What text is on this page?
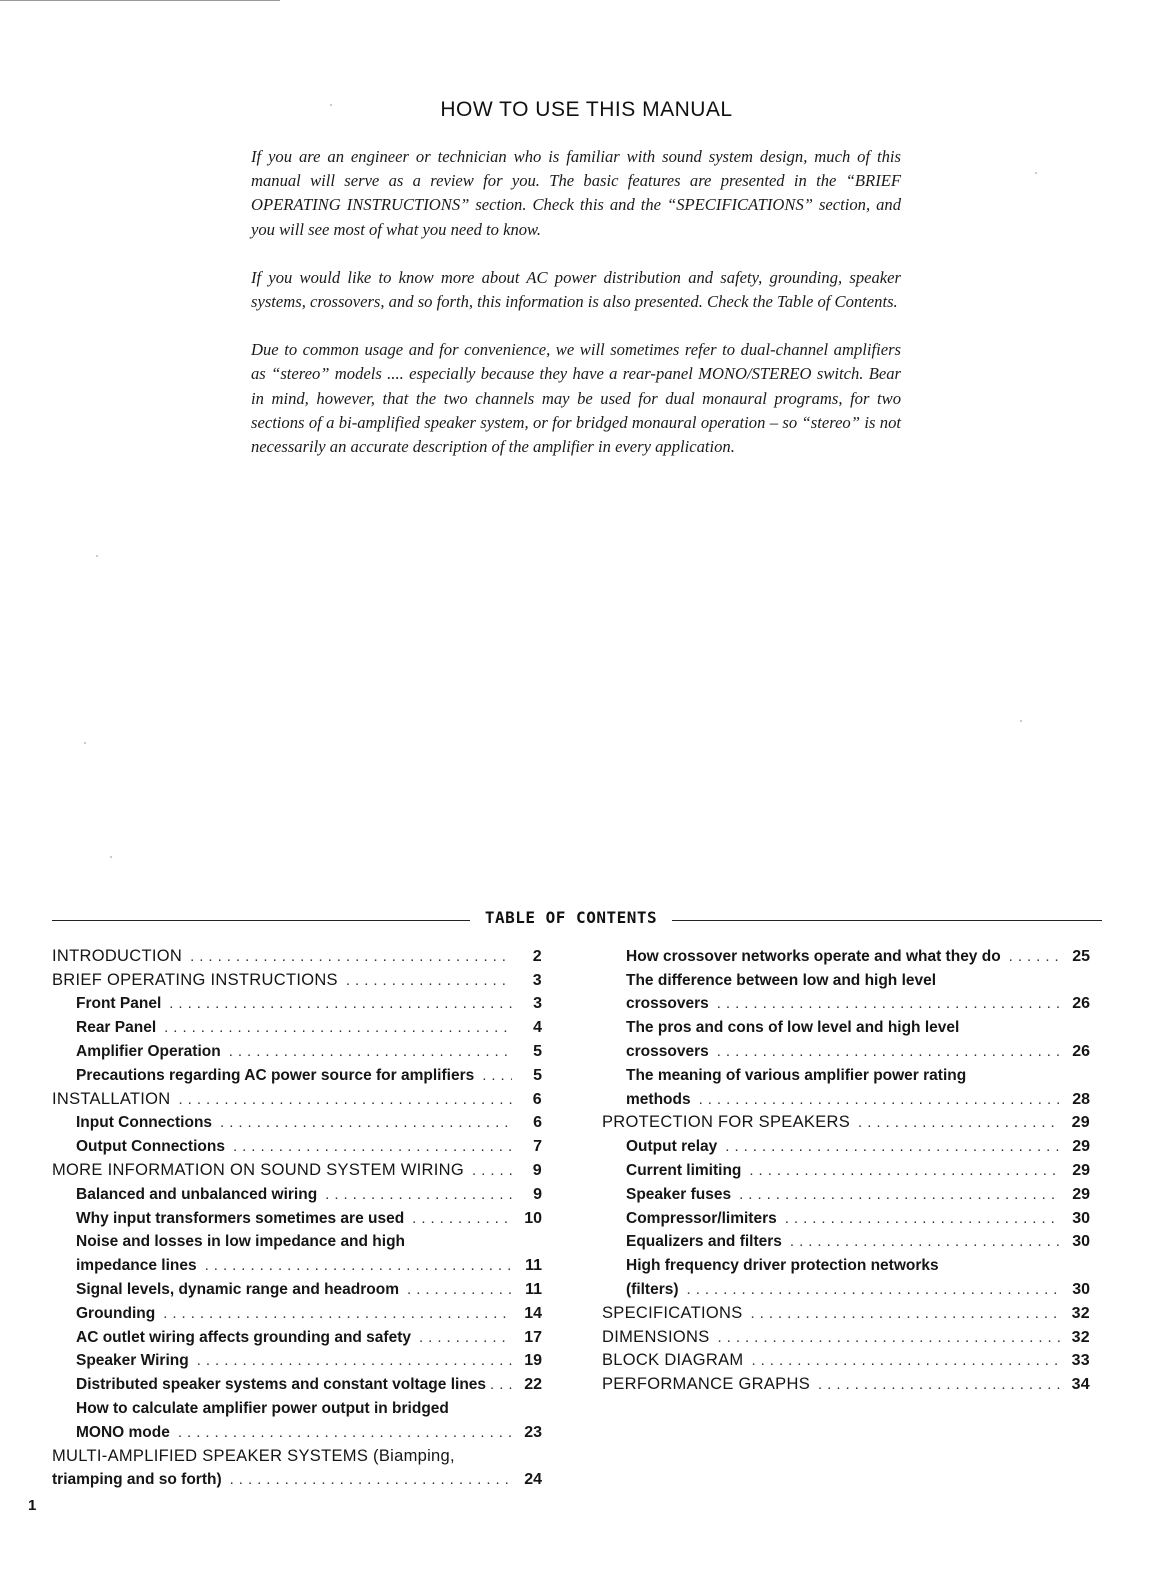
HOW TO USE THIS MANUAL

If you are an engineer or technician who is familiar with sound system design, much of this manual will serve as a review for you. The basic features are presented in the “BRIEF OPERATING INSTRUCTIONS” section. Check this and the “SPECIFICATIONS” section, and you will see most of what you need to know.

If you would like to know more about AC power distribution and safety, grounding, speaker systems, crossovers, and so forth, this information is also presented. Check the Table of Contents.

Due to common usage and for convenience, we will sometimes refer to dual-channel amplifiers as “stereo” models .... especially because they have a rear-panel MONO/STEREO switch. Bear in mind, however, that the two channels may be used for dual monaural programs, for two sections of a bi-amplified speaker system, or for bridged monaural operation – so “stereo” is not necessarily an accurate description of the amplifier in every application.

TABLE OF CONTENTS
INTRODUCTION .....	2
BRIEF OPERATING INSTRUCTIONS .....	3
Front Panel .....	3
Rear Panel .....	4
Amplifier Operation .....	5
Precautions regarding AC power source for amplifiers .....	5
INSTALLATION .....	6
Input Connections .....	6
Output Connections .....	7
MORE INFORMATION ON SOUND SYSTEM WIRING .....	9
Balanced and unbalanced wiring .....	9
Why input transformers sometimes are used .....	10
Noise and losses in low impedance and high
impedance lines .....	11
Signal levels, dynamic range and headroom .....	11
Grounding .....	14
AC outlet wiring affects grounding and safety .....	17
Speaker Wiring .....	19
Distributed speaker systems and constant voltage lines ..... 22
How to calculate amplifier power output in bridged
MONO mode .....	23
MULTI-AMPLIFIED SPEAKER SYSTEMS (Biamping,
triamping and so forth) .....	24
How crossover networks operate and what they do .....	25
The difference between low and high level
crossovers .....	26
The pros and cons of low level and high level
crossovers .....	26
The meaning of various amplifier power rating
methods .....	28
PROTECTION FOR SPEAKERS .....	29
Output relay .....	29
Current limiting .....	29
Speaker fuses .....	29
Compressor/limiters .....	30
Equalizers and filters .....	30
High frequency driver protection networks
(filters) .....	30
SPECIFICATIONS .....	32
DIMENSIONS .....	32
BLOCK DIAGRAM .....	33
PERFORMANCE GRAPHS .....	34
1
